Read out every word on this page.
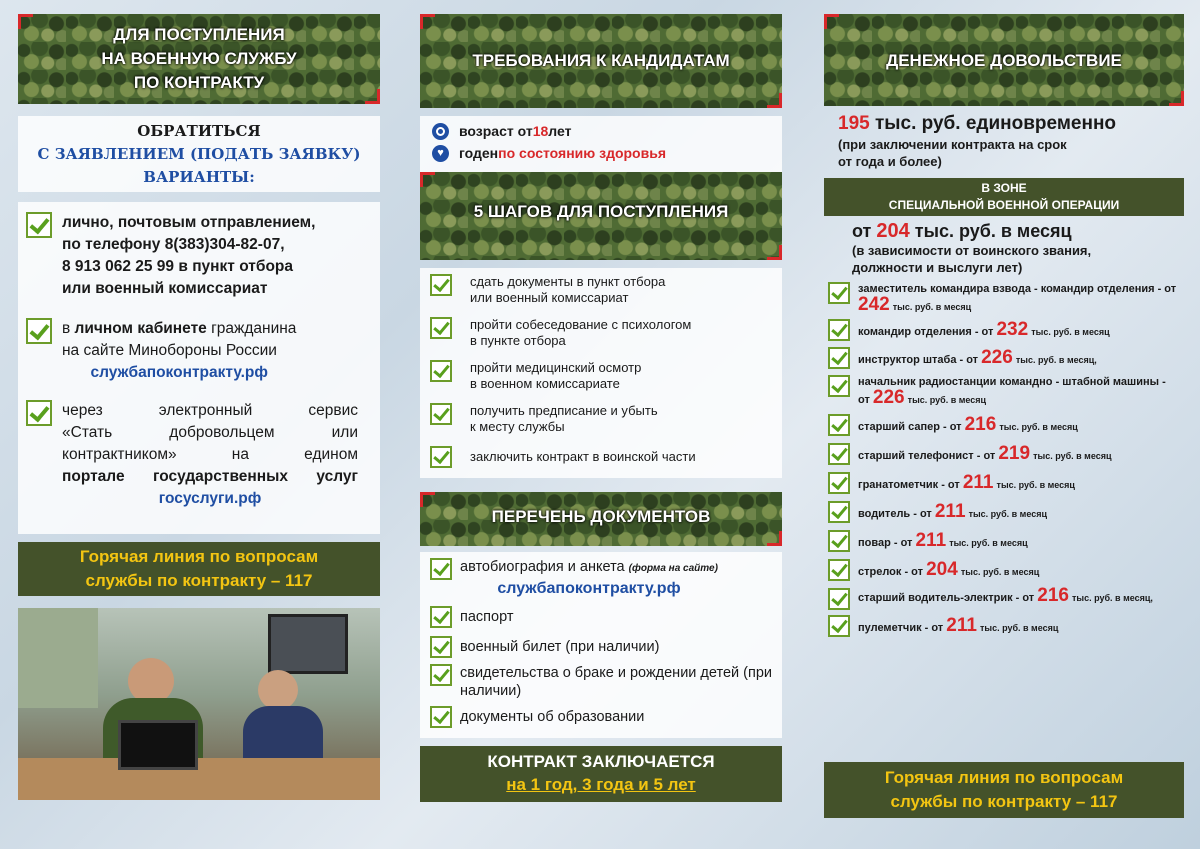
ДЛЯ ПОСТУПЛЕНИЯ
НА ВОЕННУЮ СЛУЖБУ
ПО КОНТРАКТУ
ОБРАТИТЬСЯ
С ЗАЯВЛЕНИЕМ (ПОДАТЬ ЗАЯВКУ)
ВАРИАНТЫ:
лично, почтовым отправлением,
по телефону 8(383)304-82-07,
8 913 062 25 99 в пункт отбора
или военный комиссариат
в личном кабинете гражданина
на сайте Минобороны России
службапоконтракту.рф
через электронный сервис
«Стать добровольцем или
контрактником» на едином
портале государственных услуг
госуслуги.рф
Горячая линия по вопросам
службы по контракту – 117
ТРЕБОВАНИЯ К КАНДИДАТАМ
возраст от 18 лет
♥	годен по состоянию здоровья
5 ШАГОВ ДЛЯ ПОСТУПЛЕНИЯ
сдать документы в пункт отбора
или военный комиссариат
пройти собеседование с психологом
в пункте отбора
пройти медицинский осмотр
в военном комиссариате
получить предписание и убыть
к месту службы
заключить контракт в воинской части
ПЕРЕЧЕНЬ ДОКУМЕНТОВ
автобиография и анкета (форма на сайте)
службапоконтракту.рф
паспорт
военный билет (при наличии)
свидетельства о браке и рождении детей (при наличии)
документы об образовании
КОНТРАКТ ЗАКЛЮЧАЕТСЯ
на 1 год, 3 года и 5 лет
ДЕНЕЖНОЕ ДОВОЛЬСТВИЕ
195 тыс. руб. единовременно
(при заключении контракта на срок
от года и более)
В ЗОНЕ
СПЕЦИАЛЬНОЙ ВОЕННОЙ ОПЕРАЦИИ
от 204 тыс. руб. в месяц
(в зависимости от воинского звания,
должности и выслуги лет)
заместитель командира взвода - командир отделения - от 242 тыс. руб. в месяц
командир отделения - от 232 тыс. руб. в месяц
инструктор штаба - от 226 тыс. руб. в месяц,
начальник радиостанции командно - штабной машины - от 226 тыс. руб. в месяц
старший сапер - от 216 тыс. руб. в месяц
старший телефонист - от 219 тыс. руб. в месяц
гранатометчик - от 211 тыс. руб. в месяц
водитель - от 211 тыс. руб. в месяц
повар - от 211 тыс. руб. в месяц
стрелок - от 204 тыс. руб. в месяц
старший водитель-электрик - от 216 тыс. руб. в месяц,
пулеметчик - от 211 тыс. руб. в месяц
Горячая линия по вопросам
службы по контракту – 117
